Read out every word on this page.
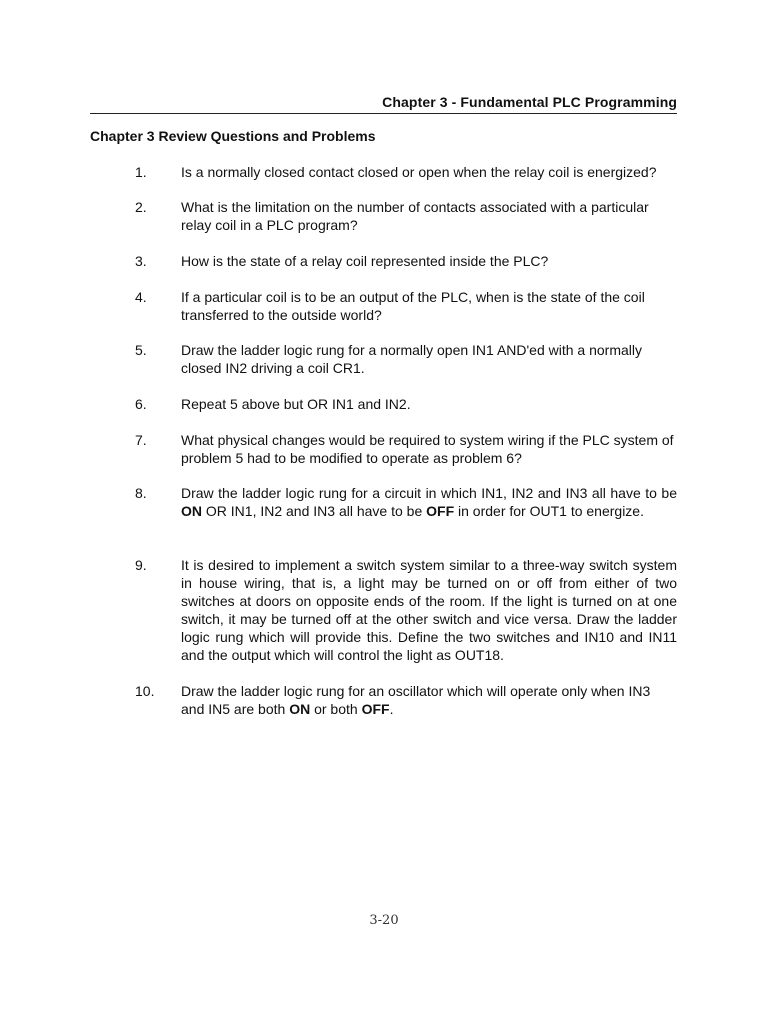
Chapter 3 - Fundamental PLC Programming
Chapter 3 Review Questions and Problems
1.	Is a normally closed contact closed or open when the relay coil is energized?
2.	What is the limitation on the number of contacts associated with a particular relay coil in a PLC program?
3.	How is the state of a relay coil represented inside the PLC?
4.	If a particular coil is to be an output of the PLC, when is the state of the coil transferred to the outside world?
5.	Draw the ladder logic rung for a normally open IN1 AND'ed with a normally closed IN2 driving a coil CR1.
6.	Repeat 5 above but OR IN1 and IN2.
7.	What physical changes would be required to system wiring if the PLC system of problem 5 had to be modified to operate as problem 6?
8.	Draw the ladder logic rung for a circuit in which IN1, IN2 and IN3 all have to be ON OR IN1, IN2 and IN3 all have to be OFF in order for OUT1 to energize.
9.	It is desired to implement a switch system similar to a three-way switch system in house wiring, that is, a light may be turned on or off from either of two switches at doors on opposite ends of the room. If the light is turned on at one switch, it may be turned off at the other switch and vice versa. Draw the ladder logic rung which will provide this. Define the two switches and IN10 and IN11 and the output which will control the light as OUT18.
10.	Draw the ladder logic rung for an oscillator which will operate only when IN3 and IN5 are both ON or both OFF.
3-20
